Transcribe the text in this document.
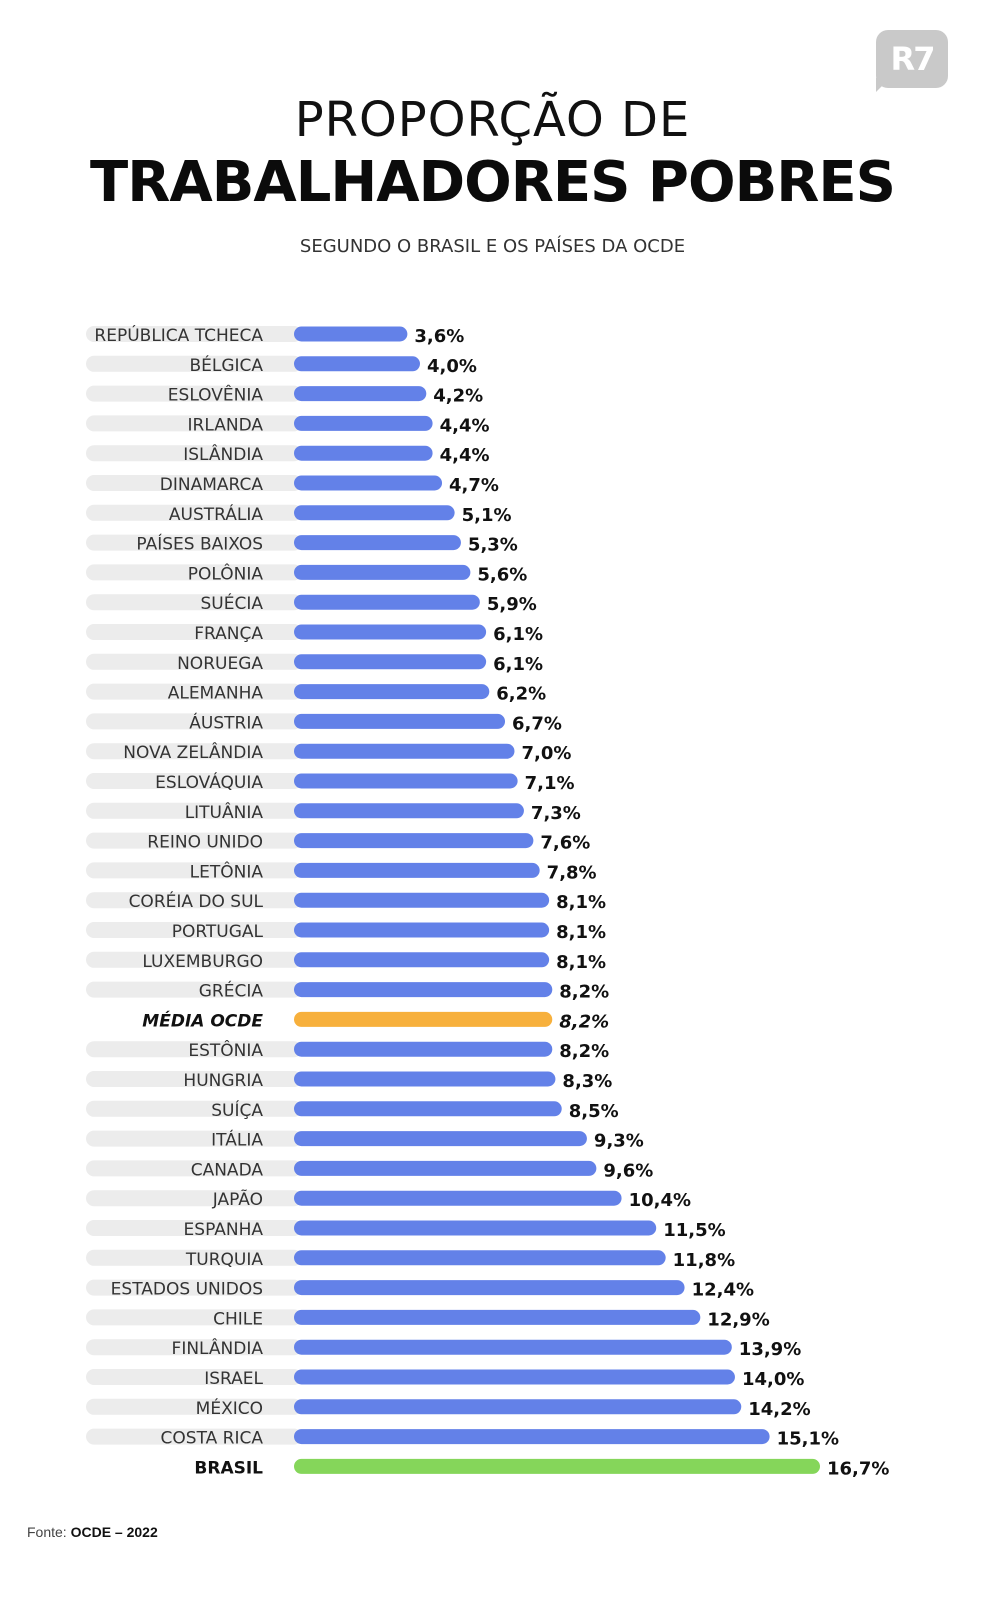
R7
PROPORÇÃO DE
TRABALHADORES POBRES
SEGUNDO O BRASIL E OS PAÍSES DA OCDE
REPÚBLICA TCHECA	3,6%
BÉLGICA	4,0%
ESLOVÊNIA	4,2%
IRLANDA	4,4%
ISLÂNDIA	4,4%
DINAMARCA	4,7%
AUSTRÁLIA	5,1%
PAÍSES BAIXOS	5,3%
POLÔNIA	5,6%
SUÉCIA	5,9%
FRANÇA	6,1%
NORUEGA	6,1%
ALEMANHA	6,2%
ÁUSTRIA	6,7%
NOVA ZELÂNDIA	7,0%
ESLOVÁQUIA	7,1%
LITUÂNIA	7,3%
REINO UNIDO	7,6%
LETÔNIA	7,8%
CORÉIA DO SUL	8,1%
PORTUGAL	8,1%
LUXEMBURGO	8,1%
GRÉCIA	8,2%
MÉDIA OCDE	8,2%
ESTÔNIA	8,2%
HUNGRIA	8,3%
SUÍÇA	8,5%
ITÁLIA	9,3%
CANADA	9,6%
JAPÃO	10,4%
ESPANHA	11,5%
TURQUIA	11,8%
ESTADOS UNIDOS	12,4%
CHILE	12,9%
FINLÂNDIA	13,9%
ISRAEL	14,0%
MÉXICO	14,2%
COSTA RICA	15,1%
BRASIL	16,7%
Fonte: OCDE – 2022
